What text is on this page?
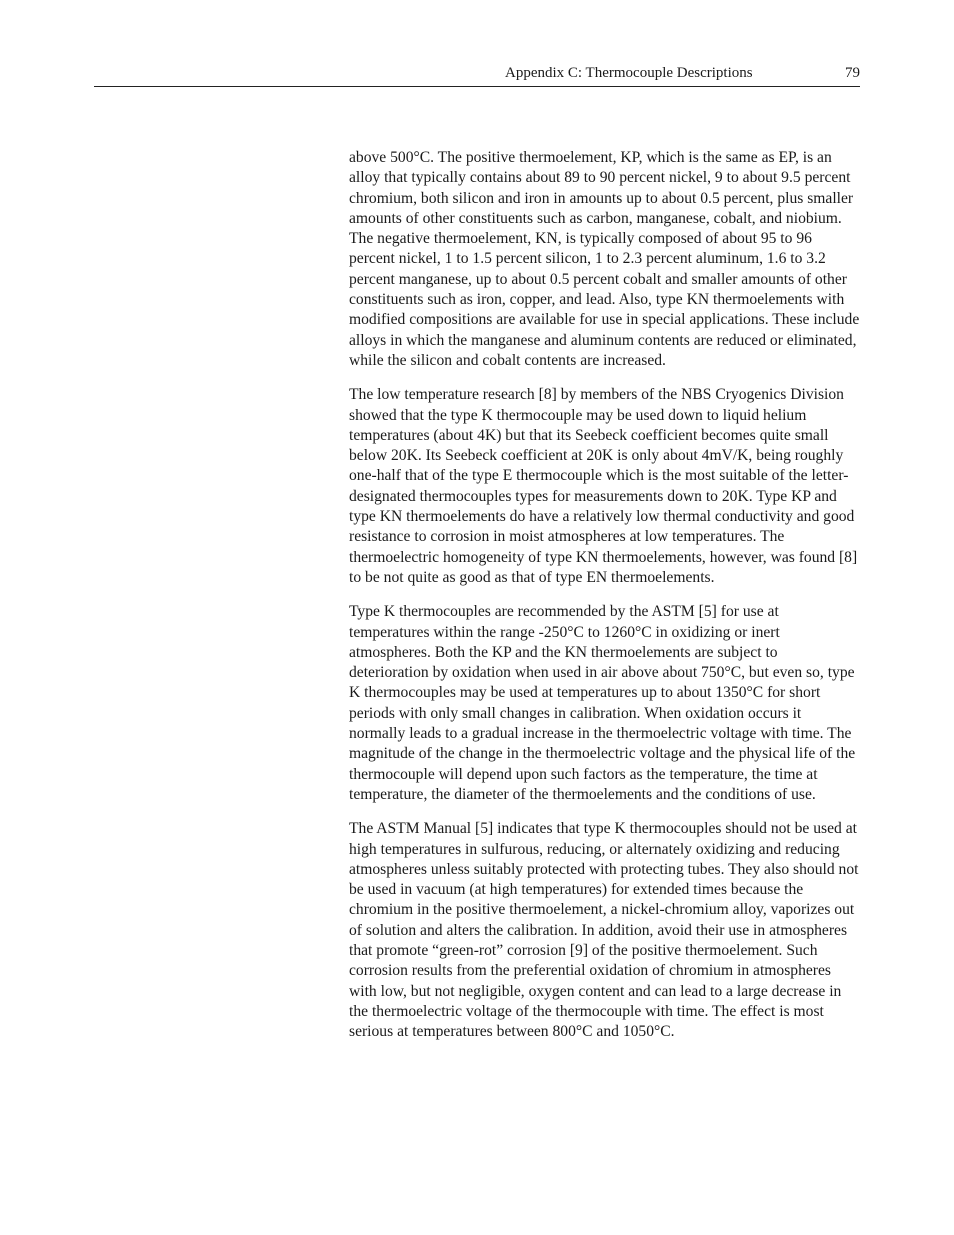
Appendix C: Thermocouple Descriptions	79

above 500°C. The positive thermoelement, KP, which is the same as EP, is an alloy that typically contains about 89 to 90 percent nickel, 9 to about 9.5 percent chromium, both silicon and iron in amounts up to about 0.5 percent, plus smaller amounts of other constituents such as carbon, manganese, cobalt, and niobium. The negative thermoelement, KN, is typically composed of about 95 to 96 percent nickel, 1 to 1.5 percent silicon, 1 to 2.3 percent aluminum, 1.6 to 3.2 percent manganese, up to about 0.5 percent cobalt and smaller amounts of other constituents such as iron, copper, and lead. Also, type KN thermoelements with modified compositions are available for use in special applications. These include alloys in which the manganese and aluminum contents are reduced or eliminated, while the silicon and cobalt contents are increased.

The low temperature research [8] by members of the NBS Cryogenics Division showed that the type K thermocouple may be used down to liquid helium temperatures (about 4K) but that its Seebeck coefficient becomes quite small below 20K. Its Seebeck coefficient at 20K is only about 4mV/K, being roughly one-half that of the type E thermocouple which is the most suitable of the letter-designated thermocouples types for measurements down to 20K. Type KP and type KN thermoelements do have a relatively low thermal conductivity and good resistance to corrosion in moist atmospheres at low temperatures. The thermoelectric homogeneity of type KN thermoelements, however, was found [8] to be not quite as good as that of type EN thermoelements.

Type K thermocouples are recommended by the ASTM [5] for use at temperatures within the range -250°C to 1260°C in oxidizing or inert atmospheres. Both the KP and the KN thermoelements are subject to deterioration by oxidation when used in air above about 750°C, but even so, type K thermocouples may be used at temperatures up to about 1350°C for short periods with only small changes in calibration. When oxidation occurs it normally leads to a gradual increase in the thermoelectric voltage with time. The magnitude of the change in the thermoelectric voltage and the physical life of the thermocouple will depend upon such factors as the temperature, the time at temperature, the diameter of the thermoelements and the conditions of use.

The ASTM Manual [5] indicates that type K thermocouples should not be used at high temperatures in sulfurous, reducing, or alternately oxidizing and reducing atmospheres unless suitably protected with protecting tubes. They also should not be used in vacuum (at high temperatures) for extended times because the chromium in the positive thermoelement, a nickel-chromium alloy, vaporizes out of solution and alters the calibration. In addition, avoid their use in atmospheres that promote “green-rot” corrosion [9] of the positive thermoelement. Such corrosion results from the preferential oxidation of chromium in atmospheres with low, but not negligible, oxygen content and can lead to a large decrease in the thermoelectric voltage of the thermocouple with time. The effect is most serious at temperatures between 800°C and 1050°C.
